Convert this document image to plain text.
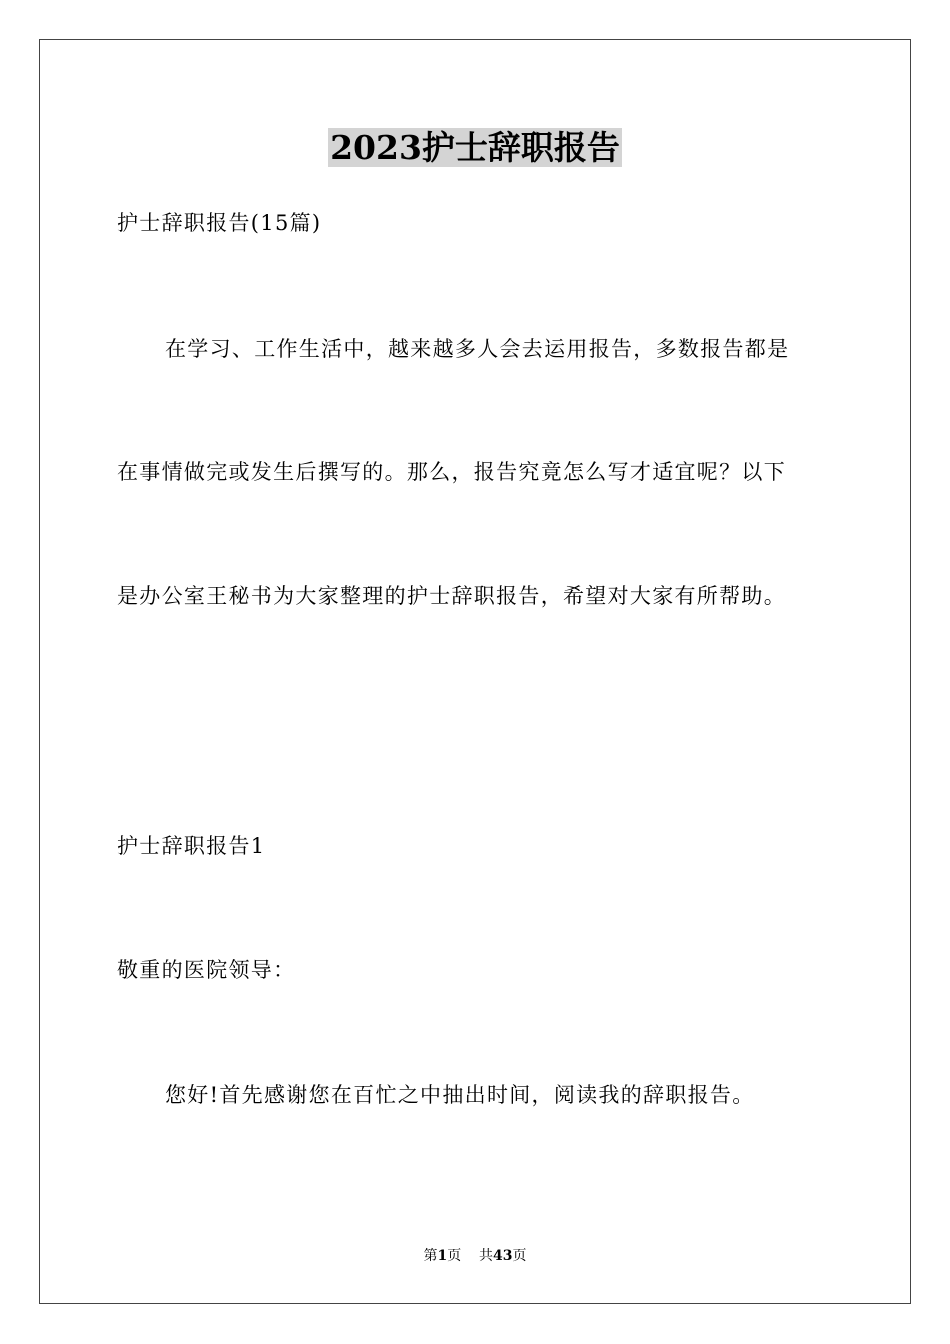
2023护士辞职报告
护士辞职报告(15篇)
在学习、工作生活中，越来越多人会去运用报告，多数报告都是
在事情做完或发生后撰写的。那么，报告究竟怎么写才适宜呢？以下
是办公室王秘书为大家整理的护士辞职报告，希望对大家有所帮助。
护士辞职报告1
敬重的医院领导：
您好!首先感谢您在百忙之中抽出时间，阅读我的辞职报告。
第1页 共43页
